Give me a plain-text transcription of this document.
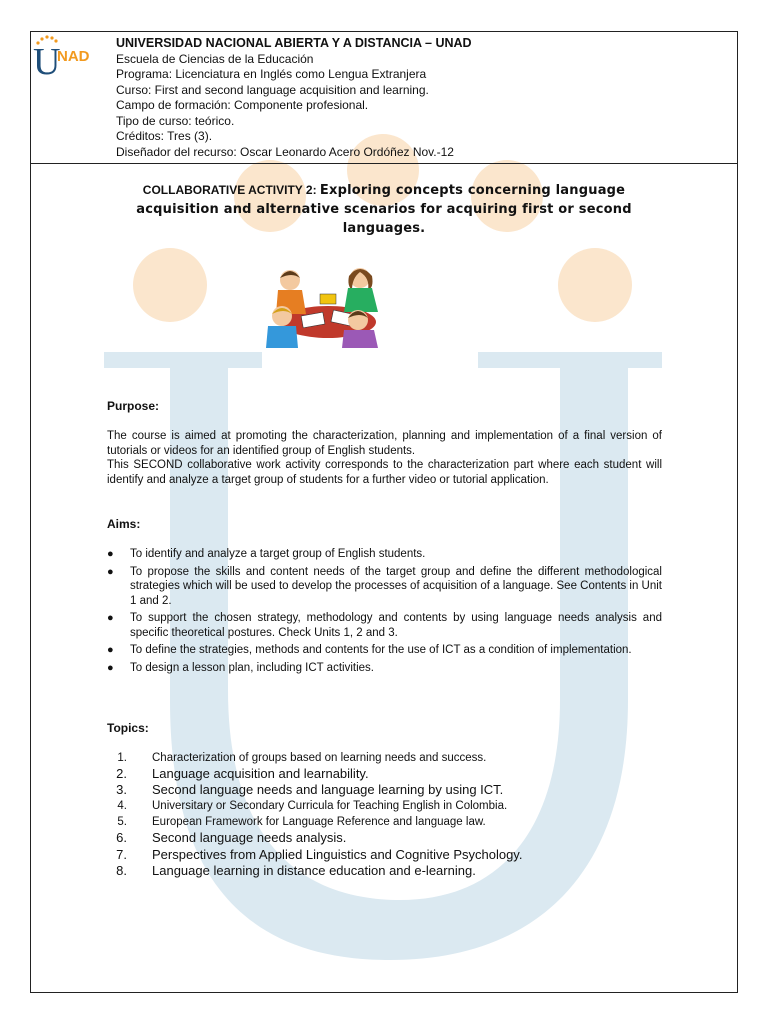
U
NAD
UNIVERSIDAD NACIONAL ABIERTA Y A DISTANCIA – UNAD
Escuela de Ciencias de la Educación
Programa: Licenciatura en Inglés como Lengua Extranjera
Curso: First and second language acquisition and learning.
Campo de formación: Componente profesional.
Tipo de curso: teórico.
Créditos: Tres (3).
Diseñador del recurso: Oscar Leonardo Acero Ordóñez Nov.-12
COLLABORATIVE ACTIVITY 2: Exploring concepts concerning language acquisition and alternative scenarios for acquiring first or second languages.
Purpose:
The course is aimed at promoting the characterization, planning and implementation of a final version of tutorials or videos for an identified group of English students.
This SECOND collaborative work activity corresponds to the characterization part where each student will identify and analyze a target group of students for a further video or tutorial application.
Aims:
● To identify and analyze a target group of English students.
● To propose the skills and content needs of the target group and define the different methodological strategies which will be used to develop the processes of acquisition of a language. See Contents in Unit 1 and 2.
● To support the chosen strategy, methodology and contents by using language needs analysis and specific theoretical postures. Check Units 1, 2 and 3.
● To define the strategies, methods and contents for the use of ICT as a condition of implementation.
● To design a lesson plan, including ICT activities.
Topics:
1. Characterization of groups based on learning needs and success.
2. Language acquisition and learnability.
3. Second language needs and language learning by using ICT.
4. Universitary or Secondary Curricula for Teaching English in Colombia.
5. European Framework for Language Reference and language law.
6. Second language needs analysis.
7. Perspectives from Applied Linguistics and Cognitive Psychology.
8. Language learning in distance education and e-learning.
